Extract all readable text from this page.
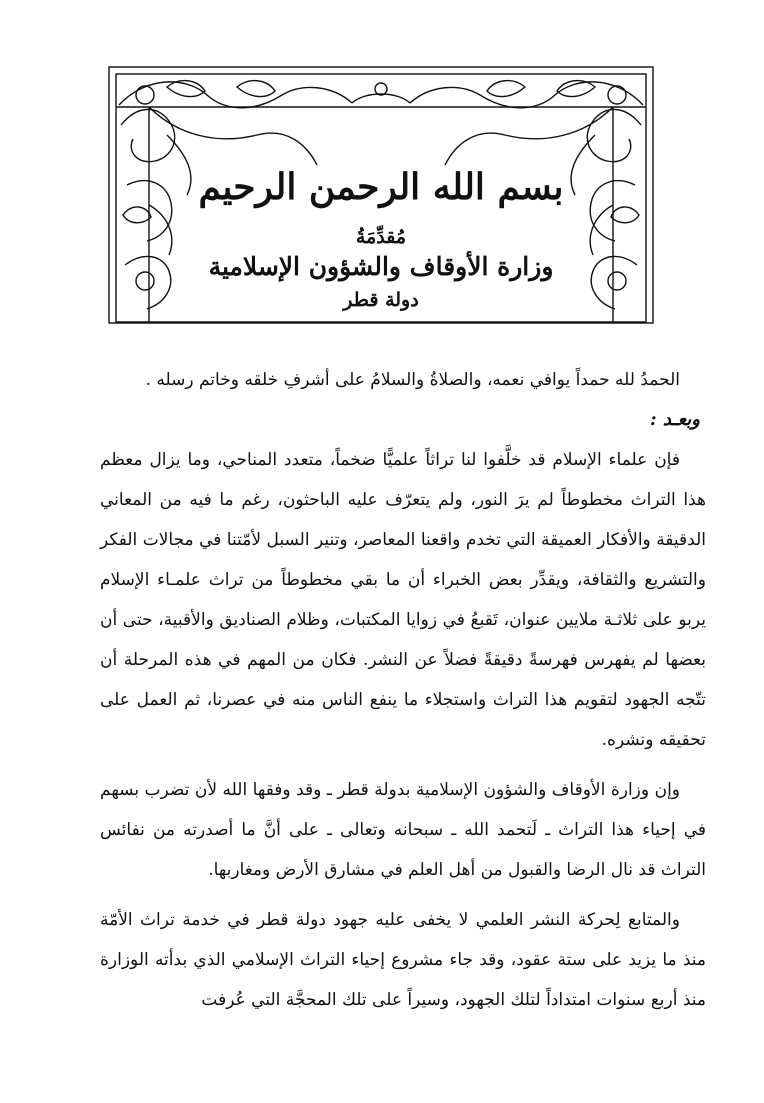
بسم الله الرحمن الرحيم
مُقدِّمَةُ
وزارة الأوقاف والشؤون الإسلامية
دولة قطر

الحمدُ لله حمداً يوافي نعمه، والصلاةُ والسلامُ على أشرفِ خلقه وخاتم رسله .

وبعـد :

فإن علماء الإسلام قد خلَّفوا لنا تراثاً علميًّا ضخماً، متعدد المناحي، وما يزال معظم هذا التراث مخطوطاً لم يرَ النور، ولم يتعرّف عليه الباحثون، رغم ما فيه من المعاني الدقيقة والأفكار العميقة التي تخدم واقعنا المعاصر، وتنير السبل لأمّتنا في مجالات الفكر والتشريع والثقافة، ويقدِّر بعض الخبراء أن ما بقي مخطوطاً من تراث علمـاء الإسلام يربو على ثلاثـة ملايين عنوان، تَقبعُ في زوايا المكتبات، وظلام الصناديق والأقبية، حتى أن بعضها لم يفهرس فهرسةً دقيقةً فضلاً عن النشر. فكان من المهم في هذه المرحلة أن تتّجه الجهود لتقويم هذا التراث واستجلاء ما ينفع الناس منه في عصرنا، ثم العمل على تحقيقه ونشره.

وإن وزارة الأوقاف والشؤون الإسلامية بدولة قطر ـ وقد وفقها الله لأن تضرب بسهم في إحياء هذا التراث ـ لَتحمد الله ـ سبحانه وتعالى ـ على أنَّ ما أصدرته من نفائس التراث قد نال الرضا والقبول من أهل العلم في مشارق الأرض ومغاربها.

والمتابع لِحركة النشر العلمي لا يخفى عليه جهود دولة قطر في خدمة تراث الأمّة منذ ما يزيد على ستة عقود، وقد جاء مشروع إحياء التراث الإسلامي الذي بدأته الوزارة منذ أربع سنوات امتداداً لتلك الجهود، وسيراً على تلك المحجَّة التي عُرفت
